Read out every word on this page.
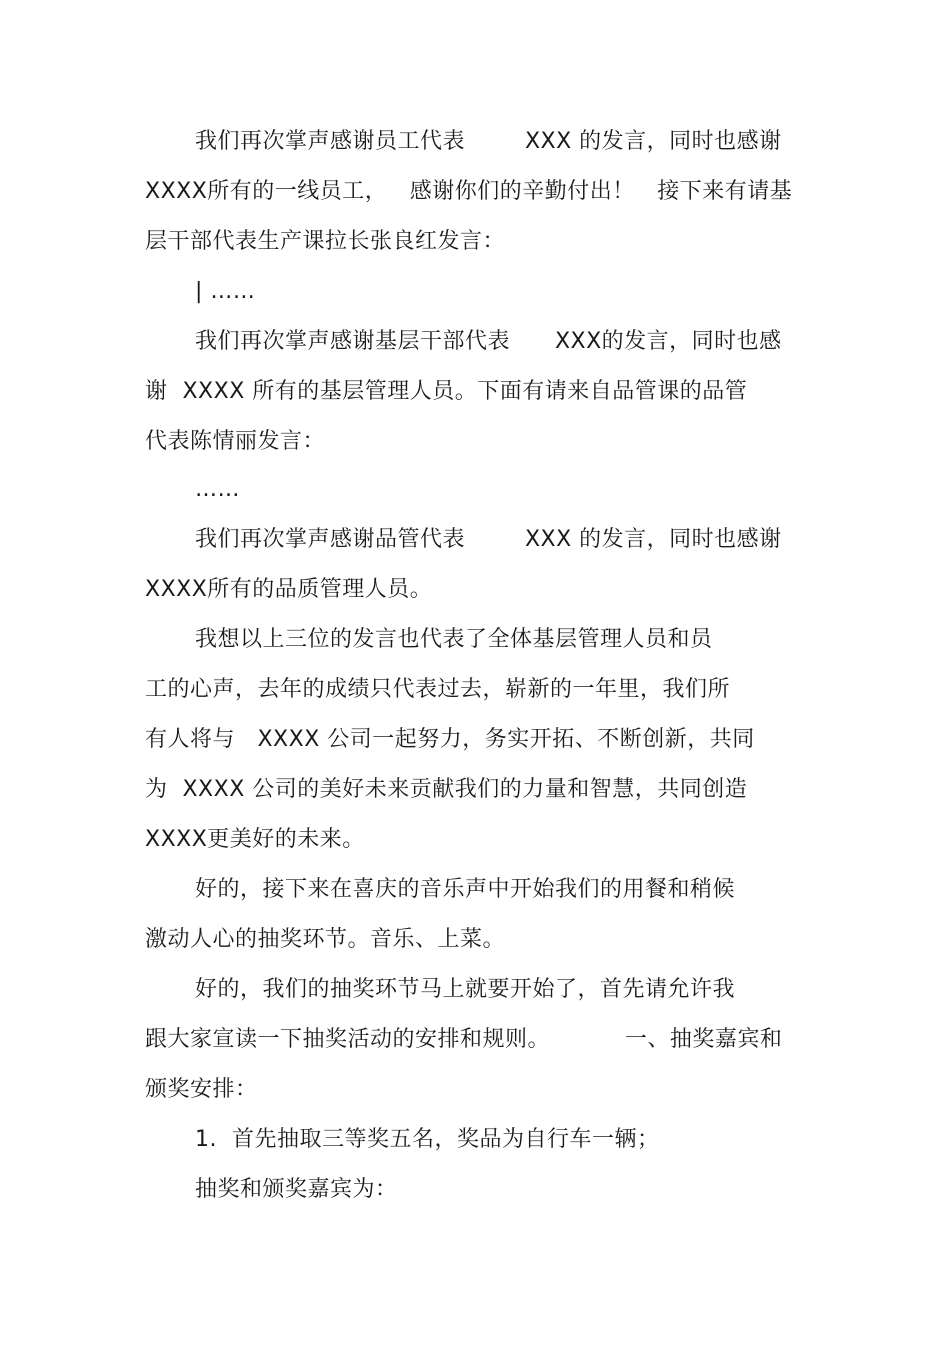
我们再次掌声感谢员工代表        XXX 的发言，同时也感谢
XXXX所有的一线员工，   感谢你们的辛勤付出！   接下来有请基
层干部代表生产课拉长张良红发言：
| ……
我们再次掌声感谢基层干部代表      XXX的发言，同时也感
谢  XXXX 所有的基层管理人员。下面有请来自品管课的品管
代表陈情丽发言：
……
我们再次掌声感谢品管代表        XXX 的发言，同时也感谢
XXXX所有的品质管理人员。
我想以上三位的发言也代表了全体基层管理人员和员
工的心声，去年的成绩只代表过去，崭新的一年里，我们所
有人将与   XXXX 公司一起努力，务实开拓、不断创新，共同
为  XXXX 公司的美好未来贡献我们的力量和智慧，共同创造
XXXX更美好的未来。
好的，接下来在喜庆的音乐声中开始我们的用餐和稍候
激动人心的抽奖环节。音乐、上菜。
好的，我们的抽奖环节马上就要开始了，首先请允许我
跟大家宣读一下抽奖活动的安排和规则。          一、抽奖嘉宾和
颁奖安排：
1.  首先抽取三等奖五名，奖品为自行车一辆；
抽奖和颁奖嘉宾为：
